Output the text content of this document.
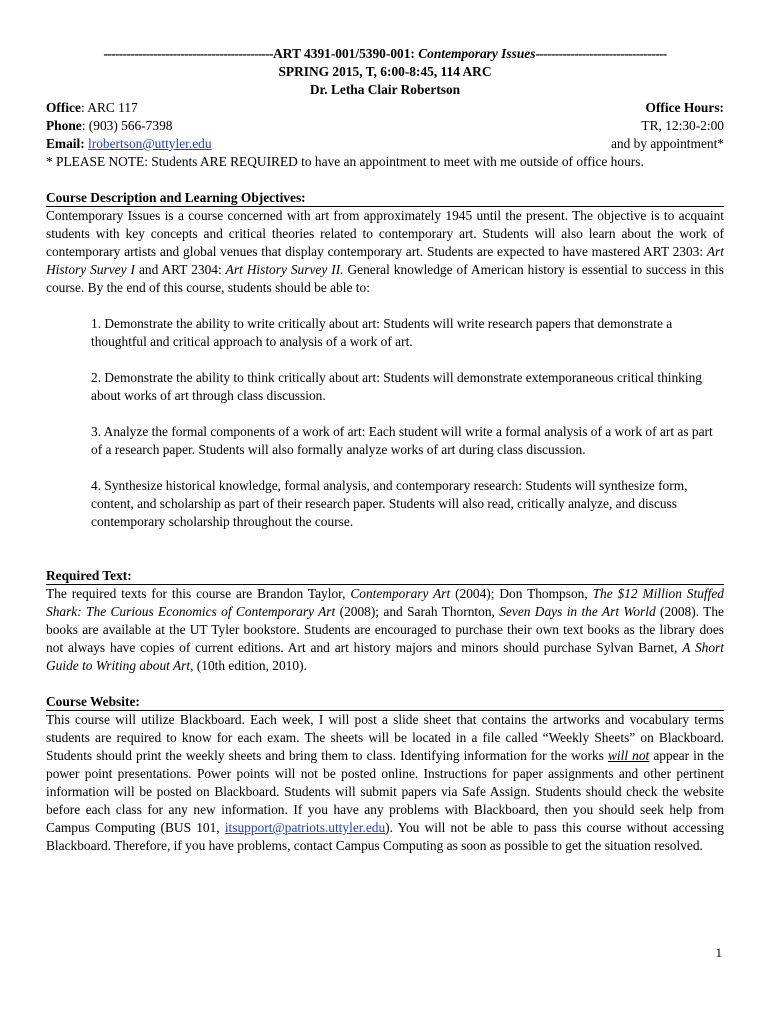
--------------------------------------------ART 4391-001/5390-001: Contemporary Issues----------------------------------
SPRING 2015, T, 6:00-8:45, 114 ARC
Dr. Letha Clair Robertson
Office: ARC 117	Office Hours:
Phone: (903) 566-7398	TR, 12:30-2:00
Email: lrobertson@uttyler.edu	and by appointment*
* PLEASE NOTE: Students ARE REQUIRED to have an appointment to meet with me outside of office hours.
Course Description and Learning Objectives:
Contemporary Issues is a course concerned with art from approximately 1945 until the present. The objective is to acquaint students with key concepts and critical theories related to contemporary art. Students will also learn about the work of contemporary artists and global venues that display contemporary art. Students are expected to have mastered ART 2303: Art History Survey I and ART 2304: Art History Survey II. General knowledge of American history is essential to success in this course. By the end of this course, students should be able to:

1. Demonstrate the ability to write critically about art: Students will write research papers that demonstrate a thoughtful and critical approach to analysis of a work of art.

2. Demonstrate the ability to think critically about art: Students will demonstrate extemporaneous critical thinking about works of art through class discussion.

3. Analyze the formal components of a work of art: Each student will write a formal analysis of a work of art as part of a research paper. Students will also formally analyze works of art during class discussion.

4. Synthesize historical knowledge, formal analysis, and contemporary research: Students will synthesize form, content, and scholarship as part of their research paper. Students will also read, critically analyze, and discuss contemporary scholarship throughout the course.

Required Text:
The required texts for this course are Brandon Taylor, Contemporary Art (2004); Don Thompson, The $12 Million Stuffed Shark: The Curious Economics of Contemporary Art (2008); and Sarah Thornton, Seven Days in the Art World (2008). The books are available at the UT Tyler bookstore. Students are encouraged to purchase their own text books as the library does not always have copies of current editions. Art and art history majors and minors should purchase Sylvan Barnet, A Short Guide to Writing about Art, (10th edition, 2010).
Course Website:
This course will utilize Blackboard. Each week, I will post a slide sheet that contains the artworks and vocabulary terms students are required to know for each exam. The sheets will be located in a file called “Weekly Sheets” on Blackboard. Students should print the weekly sheets and bring them to class. Identifying information for the works will not appear in the power point presentations. Power points will not be posted online. Instructions for paper assignments and other pertinent information will be posted on Blackboard. Students will submit papers via Safe Assign. Students should check the website before each class for any new information. If you have any problems with Blackboard, then you should seek help from Campus Computing (BUS 101, itsupport@patriots.uttyler.edu). You will not be able to pass this course without accessing Blackboard. Therefore, if you have problems, contact Campus Computing as soon as possible to get the situation resolved.
1
